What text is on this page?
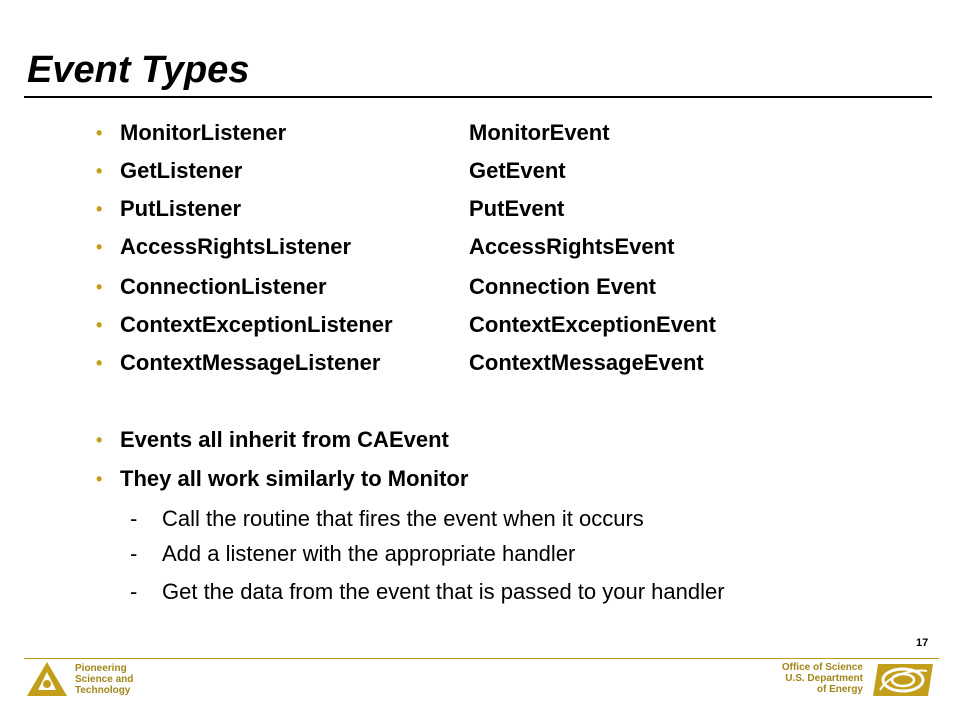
Event Types
• MonitorListener	MonitorEvent
• GetListener	GetEvent
• PutListener	PutEvent
• AccessRightsListener	AccessRightsEvent
• ConnectionListener	Connection Event
• ContextExceptionListener	ContextExceptionEvent
• ContextMessageListener	ContextMessageEvent
• Events all inherit from CAEvent
• They all work similarly to Monitor
- Call the routine that fires the event when it occurs
- Add a listener with the appropriate handler
- Get the data from the event that is passed to your handler
17
Pioneering
Science and
Technology
Office of Science
U.S. Department
of Energy
